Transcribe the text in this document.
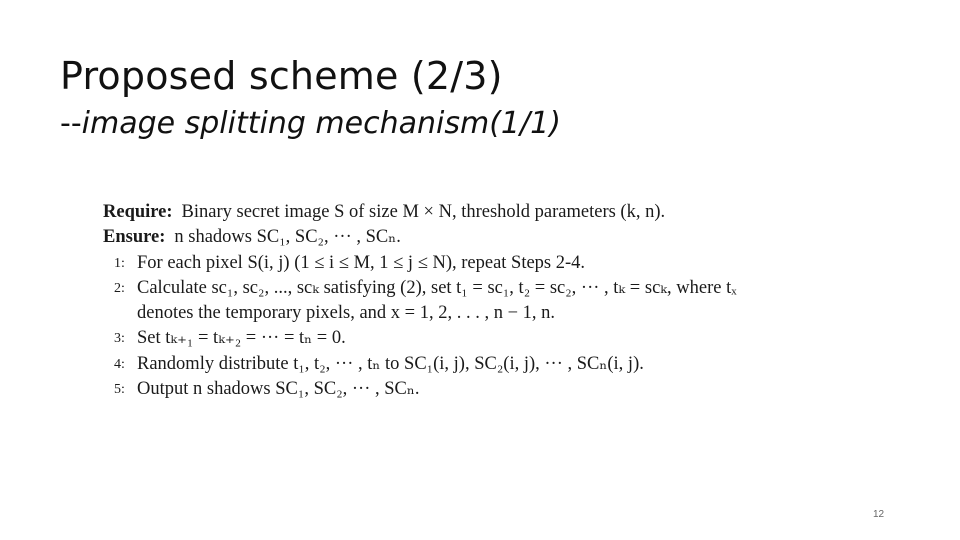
Proposed scheme (2/3)
--image splitting mechanism(1/1)
Require: Binary secret image S of size M × N, threshold parameters (k, n).
Ensure: n shadows SC₁, SC₂, ··· , SCₙ.
1: For each pixel S(i, j) (1 ≤ i ≤ M, 1 ≤ j ≤ N), repeat Steps 2-4.
2: Calculate sc₁, sc₂, ..., scₖ satisfying (2), set t₁ = sc₁, t₂ = sc₂, ··· , tₖ = scₖ, where tₓ
denotes the temporary pixels, and x = 1, 2, . . . , n − 1, n.
3: Set tₖ₊₁ = tₖ₊₂ = ··· = tₙ = 0.
4: Randomly distribute t₁, t₂, ··· , tₙ to SC₁(i, j), SC₂(i, j), ··· , SCₙ(i, j).
5: Output n shadows SC₁, SC₂, ··· , SCₙ.
12
